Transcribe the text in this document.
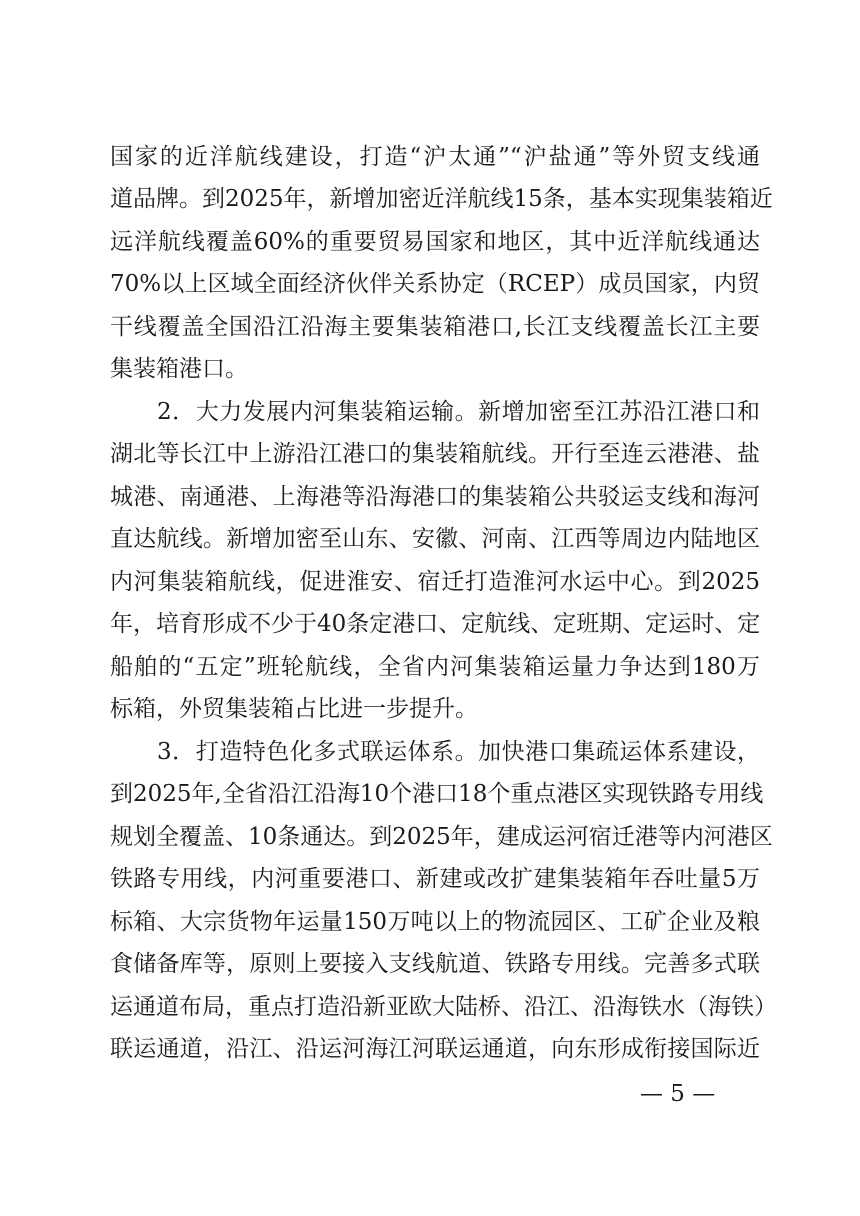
国家的近洋航线建设，打造“沪太通”“沪盐通”等外贸支线通
道品牌。到2025年，新增加密近洋航线15条，基本实现集装箱近
远洋航线覆盖60%的重要贸易国家和地区，其中近洋航线通达
70%以上区域全面经济伙伴关系协定（RCEP）成员国家，内贸
干线覆盖全国沿江沿海主要集装箱港口,长江支线覆盖长江主要
集装箱港口。
2．大力发展内河集装箱运输。新增加密至江苏沿江港口和
湖北等长江中上游沿江港口的集装箱航线。开行至连云港港、盐
城港、南通港、上海港等沿海港口的集装箱公共驳运支线和海河
直达航线。新增加密至山东、安徽、河南、江西等周边内陆地区
内河集装箱航线，促进淮安、宿迁打造淮河水运中心。到2025
年，培育形成不少于40条定港口、定航线、定班期、定运时、定
船舶的“五定”班轮航线，全省内河集装箱运量力争达到180万
标箱，外贸集装箱占比进一步提升。
3．打造特色化多式联运体系。加快港口集疏运体系建设，
到2025年,全省沿江沿海10个港口18个重点港区实现铁路专用线
规划全覆盖、10条通达。到2025年，建成运河宿迁港等内河港区
铁路专用线，内河重要港口、新建或改扩建集装箱年吞吐量5万
标箱、大宗货物年运量150万吨以上的物流园区、工矿企业及粮
食储备库等，原则上要接入支线航道、铁路专用线。完善多式联
运通道布局，重点打造沿新亚欧大陆桥、沿江、沿海铁水（海铁）
联运通道，沿江、沿运河海江河联运通道，向东形成衔接国际近
— 5 —
